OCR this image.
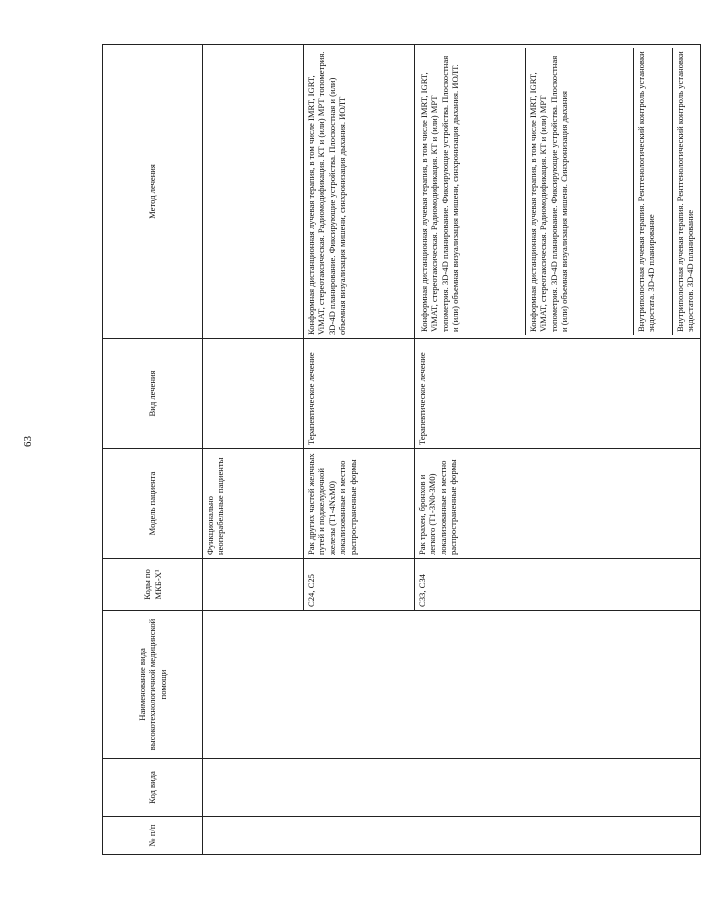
63
№ п/п	Код вида	Наименование вида высокотехнологичной медицинской помощи	Коды по МКБ-Х¹	Модель пациента	Вид лечения	Метод лечения
				Функционально неоперабельные пациенты		
			C24, C25	Рак других частей желчных путей и поджелудочной железы (T1-4NxM0) локализованные и местно распространенные формы	Терапевтическое лечение	Конформная дистанционная лучевая терапия, в том числе IMRT, IGRT, ViMAT, стереотаксическая. Радиомодификация. КТ и (или) МРТ топометрия. 3D-4D планирование. Фиксирующие устройства. Плоскостная и (или) объемная визуализация мишени, синхронизация дыхания. ИОЛТ
			C33, C34	Рак трахеи, бронхов и легкого (T1-3N0-3M0) локализованные и местно распространенные формы	Терапевтическое лечение	Конформная дистанционная лучевая терапия, в том числе IMRT, IGRT, ViMAT, стереотаксическая. Радиомодификация. КТ и (или) МРТ топометрия. 3D-4D планирование. Фиксирующие устройства. Плоскостная и (или) объемная визуализация мишени, синхронизация дыхания. ИОЛТ. Конформная дистанционная лучевая терапия, в том числе IMRT, IGRT, ViMAT, стереотаксическая. Радиомодификация. КТ и (или) МРТ топометрия. 3D-4D планирование. Фиксирующие устройства. Плоскостная и (или) объемная визуализация мишени. Синхронизация дыхания Внутриполостная лучевая терапия. Рентгенологический контроль установки эндостата. 3D-4D планирование Внутриполостная лучевая терапия. Рентгенологический контроль установки эндостатов. 3D-4D планирование
